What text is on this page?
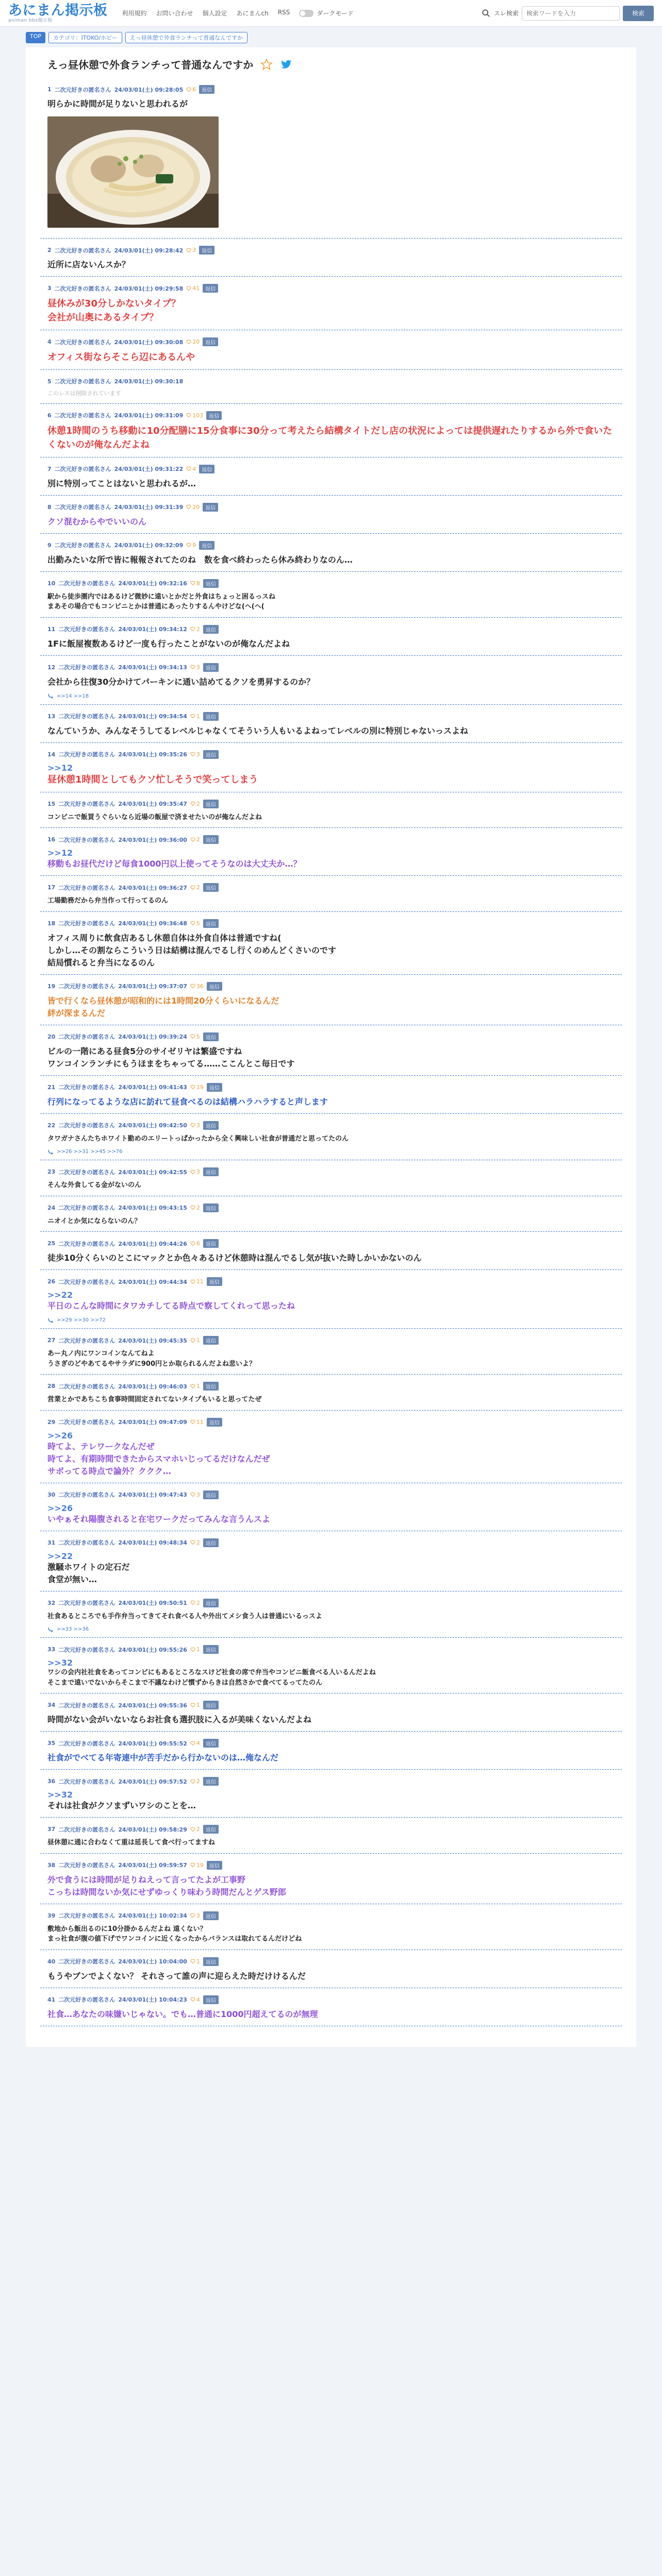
あにまん掲示板
animan bbs掲示板
利用規約 お問い合わせ 個人設定 あにまんch RSS	ダークモード	スレ検索
検索ワードを入力	検索
TOP	カテゴリ：ITOKO/ホビー	えっ昼休憩で外食ランチって普通なんですか
えっ昼休憩で外食ランチって普通なんですか
1 二次元好きの匿名さん 24/03/01(土) 09:28:05 6	返信
明らかに時間が足りないと思われるが
2 二次元好きの匿名さん 24/03/01(土) 09:28:42 3	返信
近所に店ないんスか？
3 二次元好きの匿名さん 24/03/01(土) 09:29:58 41	返信
昼休みが30分しかないタイプ？
会社が山奥にあるタイプ？
4 二次元好きの匿名さん 24/03/01(土) 09:30:08 20	返信
オフィス街ならそこら辺にあるんや
5 二次元好きの匿名さん 24/03/01(土) 09:30:18
このレスは削除されています
6 二次元好きの匿名さん 24/03/01(土) 09:31:09 103	返信
休憩1時間のうち移動に10分配膳に15分食事に30分って考えたら結構タイトだし店の状況によっては提供遅れたりするから外で食いたくないのが俺なんだよね
7 二次元好きの匿名さん 24/03/01(土) 09:31:22 4	返信
別に特別ってことはないと思われるが…
8 二次元好きの匿名さん 24/03/01(土) 09:31:39 20	返信
クソ混むからやでいいのん
9 二次元好きの匿名さん 24/03/01(土) 09:32:09 9	返信
出勤みたいな所で皆に報報されてたのね　数を食べ終わったら休み終わりなのん…
10 二次元好きの匿名さん 24/03/01(土) 09:32:16 8	返信
駅から徒歩圏内ではあるけど微妙に遠いとかだと外食はちょっと困るっスね
まあその場合でもコンビニとかは普通にあったりするんやけどな(ヘ(ヘ(
11 二次元好きの匿名さん 24/03/01(土) 09:34:12 2	返信
1Fに飯屋複数あるけど一度も行ったことがないのが俺なんだよね
12 二次元好きの匿名さん 24/03/01(土) 09:34:13 3	返信
会社から往復30分かけてパーキンに通い詰めてるクソを勇昇するのか？
>>14 >>18
13 二次元好きの匿名さん 24/03/01(土) 09:34:54 1	返信
なんていうか、みんなそうしてるレベルじゃなくてそういう人もいるよねってレベルの別に特別じゃないっスよね
14 二次元好きの匿名さん 24/03/01(土) 09:35:26 3	返信
>>12
昼休憩1時間としてもクソ忙しそうで笑ってしまう
15 二次元好きの匿名さん 24/03/01(土) 09:35:47 2	返信
コンビニで飯買うぐらいなら近場の飯屋で済ませたいのが俺なんだよね
16 二次元好きの匿名さん 24/03/01(土) 09:36:00 2	返信
>>12
移動もお昼代だけど毎食1000円以上使ってそうなのは大丈夫か…？
17 二次元好きの匿名さん 24/03/01(土) 09:36:27 2	返信
工場勤務だから弁当作って行ってるのん
18 二次元好きの匿名さん 24/03/01(土) 09:36:48 5	返信
オフィス周りに飲食店あるし休憩自体は外食自体は普通ですね(
しかし…その割ならこういう日は結構は混んでるし行くのめんどくさいのです
結局慣れると弁当になるのん
19 二次元好きの匿名さん 24/03/01(土) 09:37:07 36	返信
皆で行くなら昼休憩が昭和的には1時間20分くらいになるんだ
絆が深まるんだ
20 二次元好きの匿名さん 24/03/01(土) 09:39:24 5	返信
ビルの一階にある昼食5分のサイゼリヤは繁盛ですね
ワンコインランチにもうほまをちゃってる……ここんとこ毎日です
21 二次元好きの匿名さん 24/03/01(土) 09:41:43 19	返信
行列になってるような店に訪れて昼食べるのは結構ハラハラすると声します
22 二次元好きの匿名さん 24/03/01(土) 09:42:50 3	返信
タワガナさんたちホワイト勤めのエリートっぱかったから全く興味しい社食が普通だと思ってたのん
>>26 >>31 >>45 >>76
23 二次元好きの匿名さん 24/03/01(土) 09:42:55 3	返信
そんな外食してる金がないのん
24 二次元好きの匿名さん 24/03/01(土) 09:43:15 2	返信
ニオイとか気にならないのん？
25 二次元好きの匿名さん 24/03/01(土) 09:44:26 6	返信
徒歩10分くらいのとこにマックとか色々あるけど休憩時は混んでるし気が抜いた時しかいかないのん
26 二次元好きの匿名さん 24/03/01(土) 09:44:34 11	返信
>>22
平日のこんな時間にタワカチしてる時点で察してくれって思ったね
>>29 >>30 >>72
27 二次元好きの匿名さん 24/03/01(土) 09:45:35 1	返信
あー丸ノ内にワンコインなんてねよ
うさぎのどやあてるやサラダに900円とか取られるんだよね悲いよ？
28 二次元好きの匿名さん 24/03/01(土) 09:46:03 1	返信
営業とかであちこち食事時間固定されてないタイプもいると思ってたぜ
29 二次元好きの匿名さん 24/03/01(土) 09:47:09 11	返信
>>26
時てよ、テレワークなんだぜ
時てよ、有期時間できたからスマホいじってるだけなんだぜ
サボってる時点で論外？ククク…
30 二次元好きの匿名さん 24/03/01(土) 09:47:43 3	返信
>>26
いやぁそれ陽腹されると在宅ワークだってみんな言うんスよ
31 二次元好きの匿名さん 24/03/01(土) 09:48:34 2	返信
>>22
激騒ホワイトの定石だ
食堂が無い…
32 二次元好きの匿名さん 24/03/01(土) 09:50:51 2	返信
社食あるところでも手作弁当ってきてそれ食べる人や外出てメシ食う人は普通にいるっスよ
>>33 >>36
33 二次元好きの匿名さん 24/03/01(土) 09:55:26 1	返信
>>32
ワシの会内社社食をあってコンビにもあるところなスけど社食の席で弁当やコンビニ飯食べる人いるんだよね
そこまで遠いでないからそこまで不議なわけど慣ずからきは自然さかで食べてるってたのん
34 二次元好きの匿名さん 24/03/01(土) 09:55:36 1	返信
時間がない会がいないならお社食も選択肢に入るが美味くないんだよね
35 二次元好きの匿名さん 24/03/01(土) 09:55:52 4	返信
社食がでべてる年寄連中が苦手だから行かないのは…俺なんだ
36 二次元好きの匿名さん 24/03/01(土) 09:57:52 2	返信
>>32
それは社食がクソまずいワシのことを…
37 二次元好きの匿名さん 24/03/01(土) 09:58:29 2	返信
昼休憩に通に合わなくて重は延長して食べ行ってますね
38 二次元好きの匿名さん 24/03/01(土) 09:59:57 19	返信
外で食うには時間が足りねえって言ってたよが工事野
こっちは時間ないか気にせずゆっくり味わう時間だんとゲス野郎
39 二次元好きの匿名さん 24/03/01(土) 10:02:34 3	返信
敷地から飯出るのに10分掛かるんだよね 遠くない？
まっ社食が腹の値下げでワンコインに近くなったからバランスは取れてるんだけどね
40 二次元好きの匿名さん 24/03/01(土) 10:04:00 1	返信
もうやブンでよくない？ それさって誰の声に迎らえた時だけけるんだ
41 二次元好きの匿名さん 24/03/01(土) 10:04:23 4	返信
社食…あなたの味嫌いじゃない。でも…普通に1000円超えてるのが無理
